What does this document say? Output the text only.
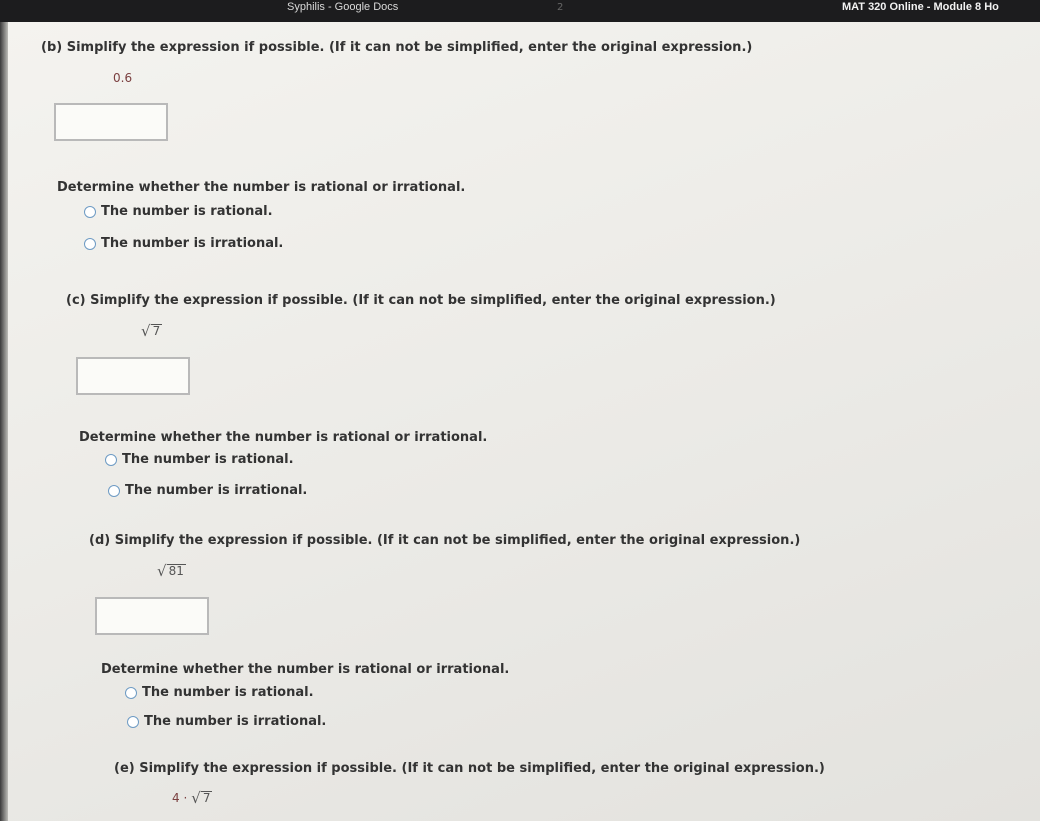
Syphilis - Google Docs	2	MAT 320 Online - Module 8 Ho
(b) Simplify the expression if possible. (If it can not be simplified, enter the original expression.)
0.6
Determine whether the number is rational or irrational.
The number is rational.
The number is irrational.
(c) Simplify the expression if possible. (If it can not be simplified, enter the original expression.)
√ 7
Determine whether the number is rational or irrational.
The number is rational.
The number is irrational.
(d) Simplify the expression if possible. (If it can not be simplified, enter the original expression.)
√ 81
Determine whether the number is rational or irrational.
The number is rational.
The number is irrational.
(e) Simplify the expression if possible. (If it can not be simplified, enter the original expression.)
4 · √ 7
